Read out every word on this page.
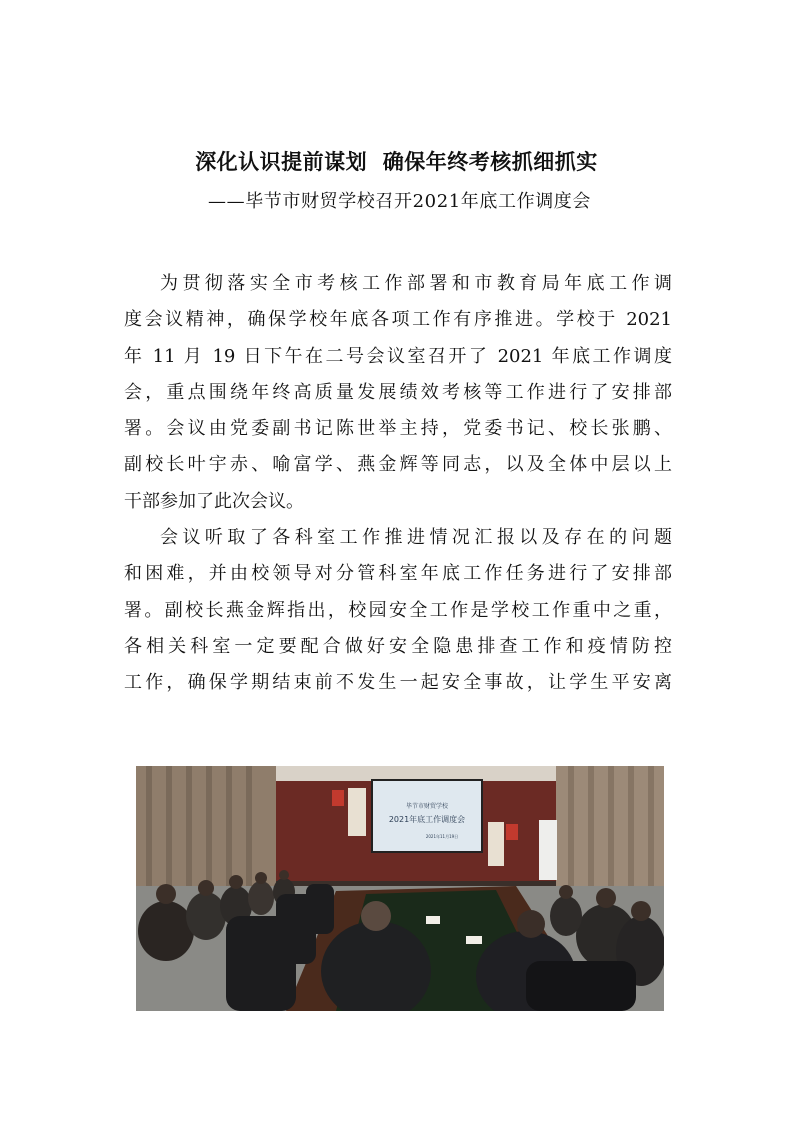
深化认识提前谋划  确保年终考核抓细抓实
——毕节市财贸学校召开2021年底工作调度会
为贯彻落实全市考核工作部署和市教育局年底工作调
度会议精神，确保学校年底各项工作有序推进。学校于 2021
年 11 月 19 日下午在二号会议室召开了 2021 年底工作调度
会，重点围绕年终高质量发展绩效考核等工作进行了安排部
署。会议由党委副书记陈世举主持，党委书记、校长张鹏、
副校长叶宇赤、喻富学、燕金辉等同志，以及全体中层以上
干部参加了此次会议。
会议听取了各科室工作推进情况汇报以及存在的问题
和困难，并由校领导对分管科室年底工作任务进行了安排部
署。副校长燕金辉指出，校园安全工作是学校工作重中之重，
各相关科室一定要配合做好安全隐患排查工作和疫情防控
工作，确保学期结束前不发生一起安全事故，让学生平安离
毕节市财贸学校
2021年底工作调度会
2021年11月19日
